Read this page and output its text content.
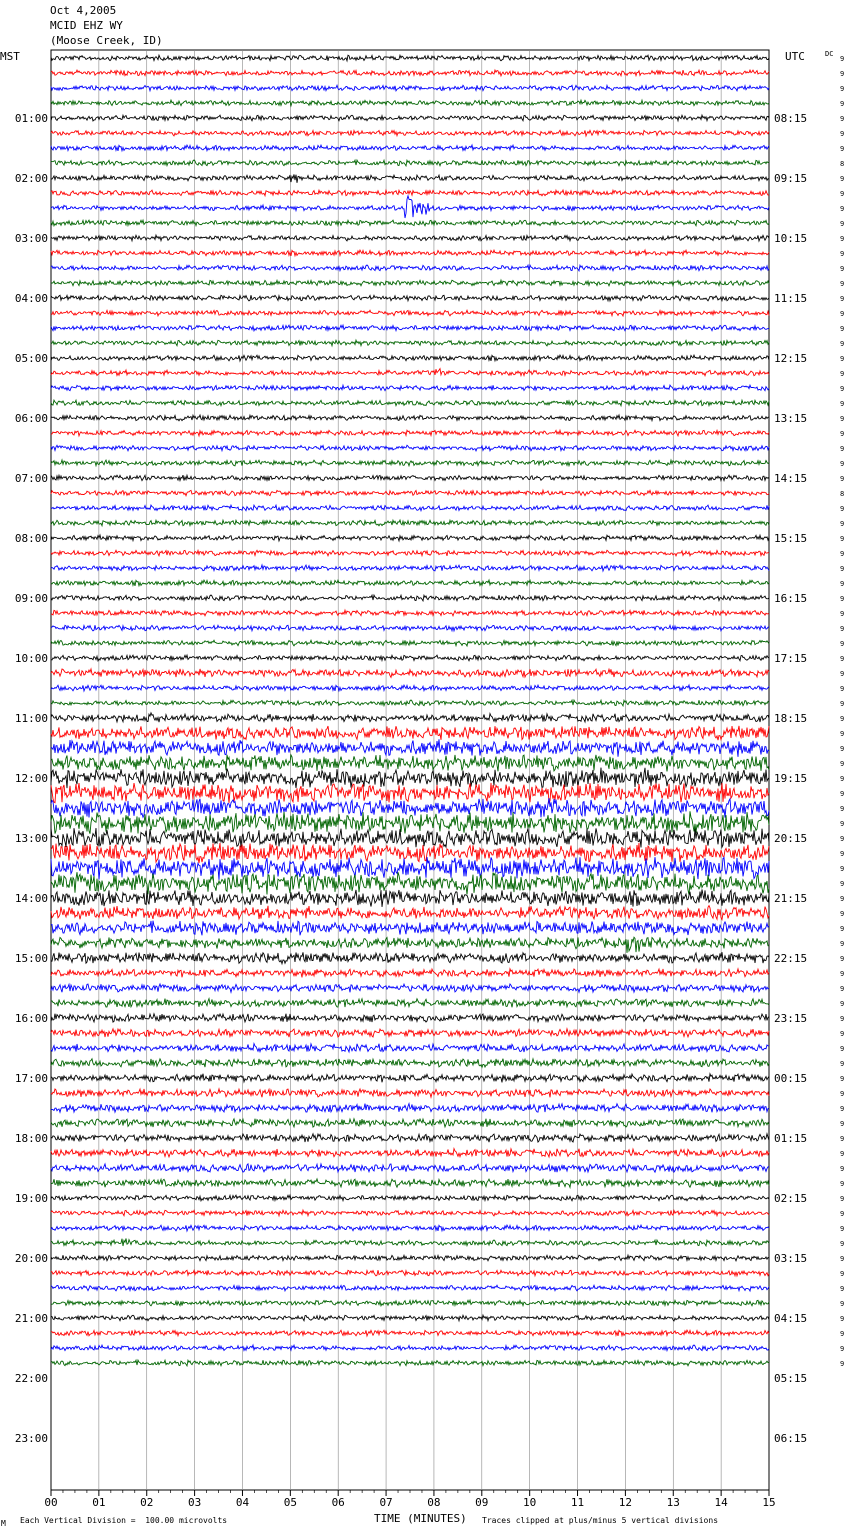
Oct 4,2005
MCID EHZ WY
(Moose Creek, ID)
MST	UTC	DC
9
9
9
9
9
9
9
8
9
9
9
9
9
9
9
9
9
9
9
9
9
9
9
9
9
9
9
9
9
8
9
9
9
9
9
9
9
9
9
9
9
9
9
9
9
9
9
9
9
9
9
9
9
9
9
9
9
9
9
9
9
9
9
9
9
9
9
9
9
9
9
9
9
9
9
9
9
9
9
9
9
9
9
9
9
9
9
9
01:00
02:00
03:00
04:00
05:00
06:00
07:00
08:00
09:00
10:00
11:00
12:00
13:00
14:00
15:00
16:00
17:00
18:00
19:00
20:00
21:00
22:00
23:00
08:15
09:15
10:15
11:15
12:15
13:15
14:15
15:15
16:15
17:15
18:15
19:15
20:15
21:15
22:15
23:15
00:15
01:15
02:15
03:15
04:15
05:15
06:15
00	01	02	03	04	05	06	07	08	09	10	11	12	13	14	15
M Each Vertical Division =  100.00 microvolts	TIME (MINUTES) Traces clipped at plus/minus 5 vertical divisions
